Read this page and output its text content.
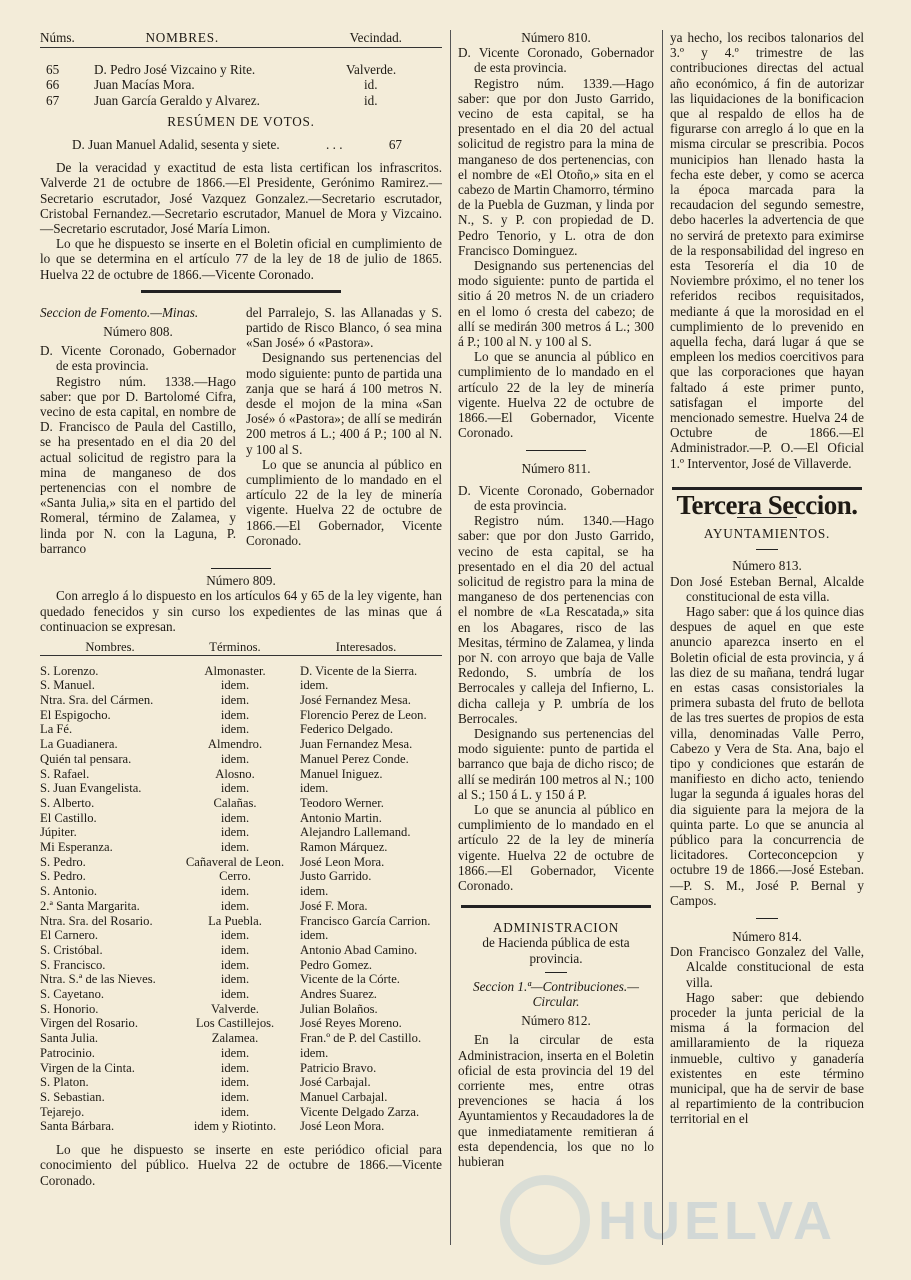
HUELVA
Núms.	NOMBRES.	Vecindad.
65	D. Pedro José Vizcaino y Rite.	Valverde.
66	Juan Macías Mora.	id.
67	Juan García Geraldo y Alvarez.	id.

RESÚMEN DE VOTOS.

D. Juan Manuel Adalid, sesenta y siete.	. . .	67

De la veracidad y exactitud de esta lista certifican los infrascritos. Valverde 21 de octubre de 1866.—El Presidente, Gerónimo Ramirez.—Secretario escrutador, José Vazquez Gonzalez.—Secretario escrutador, Cristobal Fernandez.—Secretario escrutador, Manuel de Mora y Vizcaino.—Secretario escrutador, José María Limon.

Lo que he dispuesto se inserte en el Boletin oficial en cumplimiento de lo que se determina en el artículo 77 de la ley de 18 de julio de 1865. Huelva 22 de octubre de 1866.—Vicente Coronado.

Seccion de Fomento.—Minas.

Número 808.

D. Vicente Coronado, Gobernador de esta provincia.

Registro núm. 1338.—Hago saber: que por D. Bartolomé Cifra, vecino de esta capital, en nombre de D. Francisco de Paula del Castillo, se ha presentado en el dia 20 del actual solicitud de registro para la mina de manganeso de dos pertenencias con el nombre de «Santa Julia,» sita en el partido del Romeral, término de Zalamea, y linda por N. con la Laguna, P. barranco

del Parralejo, S. las Allanadas y S. partido de Risco Blanco, ó sea mina «San José» ó «Pastora».

Designando sus pertenencias del modo siguiente: punto de partida una zanja que se hará á 100 metros N. desde el mojon de la mina «San José» ó «Pastora»; de allí se medirán 200 metros á L.; 400 á P.; 100 al N. y 100 al S.

Lo que se anuncia al público en cumplimiento de lo mandado en el artículo 22 de la ley de minería vigente. Huelva 22 de octubre de 1866.—El Gobernador, Vicente Coronado.

Número 809.

Con arreglo á lo dispuesto en los artículos 64 y 65 de la ley vigente, han quedado fenecidos y sin curso los expedientes de las minas que á continuacion se expresan.

Nombres.	Términos.	Interesados.

S. Lorenzo.	Almonaster.	D. Vicente de la Sierra.
S. Manuel.	idem.	idem.
Ntra. Sra. del Cármen.	idem.	José Fernandez Mesa.
El Espigocho.	idem.	Florencio Perez de Leon.
La Fé.	idem.	Federico Delgado.
La Guadianera.	Almendro.	Juan Fernandez Mesa.
Quién tal pensara.	idem.	Manuel Perez Conde.
S. Rafael.	Alosno.	Manuel Iniguez.
S. Juan Evangelista.	idem.	idem.
S. Alberto.	Calañas.	Teodoro Werner.
El Castillo.	idem.	Antonio Martin.
Júpiter.	idem.	Alejandro Lallemand.
Mi Esperanza.	idem.	Ramon Márquez.
S. Pedro.	Cañaveral de Leon.	José Leon Mora.
S. Pedro.	Cerro.	Justo Garrido.
S. Antonio.	idem.	idem.
2.ª Santa Margarita.	idem.	José F. Mora.
Ntra. Sra. del Rosario.	La Puebla.	Francisco García Carrion.
El Carnero.	idem.	idem.
S. Cristóbal.	idem.	Antonio Abad Camino.
S. Francisco.	idem.	Pedro Gomez.
Ntra. S.ª de las Nieves.	idem.	Vicente de la Córte.
S. Cayetano.	idem.	Andres Suarez.
S. Honorio.	Valverde.	Julian Bolaños.
Virgen del Rosario.	Los Castillejos.	José Reyes Moreno.
Santa Julia.	Zalamea.	Fran.º de P. del Castillo.
Patrocinio.	idem.	idem.
Virgen de la Cinta.	idem.	Patricio Bravo.
S. Platon.	idem.	José Carbajal.
S. Sebastian.	idem.	Manuel Carbajal.
Tejarejo.	idem.	Vicente Delgado Zarza.
Santa Bárbara.	idem y Riotinto.	José Leon Mora.

Lo que he dispuesto se inserte en este periódico oficial para conocimiento del público. Huelva 22 de octubre de 1866.—Vicente Coronado.

Número 810.

D. Vicente Coronado, Gobernador de esta provincia.

Registro núm. 1339.—Hago saber: que por don Justo Garrido, vecino de esta capital, se ha presentado en el dia 20 del actual solicitud de registro para la mina de manganeso de dos pertenencias, con el nombre de «El Otoño,» sita en el cabezo de Martin Chamorro, término de la Puebla de Guzman, y linda por N., S. y P. con propiedad de D. Pedro Tenorio, y L. otra de don Francisco Dominguez.

Designando sus pertenencias del modo siguiente: punto de partida el sitio á 20 metros N. de un criadero en el lomo ó cresta del cabezo; de allí se medirán 300 metros á L.; 300 á P.; 100 al N. y 100 al S.

Lo que se anuncia al público en cumplimiento de lo mandado en el artículo 22 de la ley de minería vigente. Huelva 22 de octubre de 1866.—El Gobernador, Vicente Coronado.

Número 811.

D. Vicente Coronado, Gobernador de esta provincia.

Registro núm. 1340.—Hago saber: que por don Justo Garrido, vecino de esta capital, se ha presentado en el dia 20 del actual solicitud de registro para la mina de manganeso de dos pertenencias con el nombre de «La Rescatada,» sita en los Abagares, risco de las Mesitas, término de Zalamea, y linda por N. con arroyo que baja de Valle Redondo, S. umbría de los Berrocales y calleja del Infierno, L. dicha calleja y P. umbría de los Berrocales.

Designando sus pertenencias del modo siguiente: punto de partida el barranco que baja de dicho risco; de allí se medirán 100 metros al N.; 100 al S.; 150 á L. y 150 á P.

Lo que se anuncia al público en cumplimiento de lo mandado en el artículo 22 de la ley de minería vigente. Huelva 22 de octubre de 1866.—El Gobernador, Vicente Coronado.

ADMINISTRACION

de Hacienda pública de esta provincia.

Seccion 1.ª—Contribuciones.—Circular.

Número 812.

En la circular de esta Administracion, inserta en el Boletin oficial de esta provincia del 19 del corriente mes, entre otras prevenciones se hacia á los Ayuntamientos y Recaudadores la de que inmediatamente remitieran á esta dependencia, los que no lo hubieran

ya hecho, los recibos talonarios del 3.º y 4.º trimestre de las contribuciones directas del actual año económico, á fin de autorizar las liquidaciones de la bonificacion que al respaldo de ellos ha de figurarse con arreglo á lo que en la misma circular se prescribia. Pocos municipios han llenado hasta la fecha este deber, y como se acerca la época marcada para la recaudacion del segundo semestre, debo hacerles la advertencia de que no servirá de pretexto para eximirse de la responsabilidad del ingreso en esta Tesorería el dia 10 de Noviembre próximo, el no tener los referidos recibos requisitados, mediante á que la morosidad en el cumplimiento de lo prevenido en aquella fecha, dará lugar á que se empleen los medios coercitivos para que las corporaciones que hayan faltado á este primer punto, satisfagan el importe del mencionado semestre. Huelva 24 de Octubre de 1866.—El Administrador.—P. O.—El Oficial 1.º Interventor, José de Villaverde.

Tercera Seccion.

AYUNTAMIENTOS.

Número 813.

Don José Esteban Bernal, Alcalde constitucional de esta villa.

Hago saber: que á los quince dias despues de aquel en que este anuncio aparezca inserto en el Boletin oficial de esta provincia, y á las diez de su mañana, tendrá lugar en estas casas consistoriales la primera subasta del fruto de bellota de las tres suertes de propios de esta villa, denominadas Valle Perro, Cabezo y Vera de Sta. Ana, bajo el tipo y condiciones que estarán de manifiesto en dicho acto, teniendo lugar la segunda á iguales horas del dia siguiente para la mejora de la quinta parte. Lo que se anuncia al público para la concurrencia de licitadores. Corteconcepcion y octubre 19 de 1866.—José Esteban.—P. S. M., José P. Bernal y Campos.

Número 814.

Don Francisco Gonzalez del Valle, Alcalde constitucional de esta villa.

Hago saber: que debiendo proceder la junta pericial de la misma á la formacion del amillaramiento de la riqueza inmueble, cultivo y ganadería existentes en este término municipal, que ha de servir de base al repartimiento de la contribucion territorial en el
